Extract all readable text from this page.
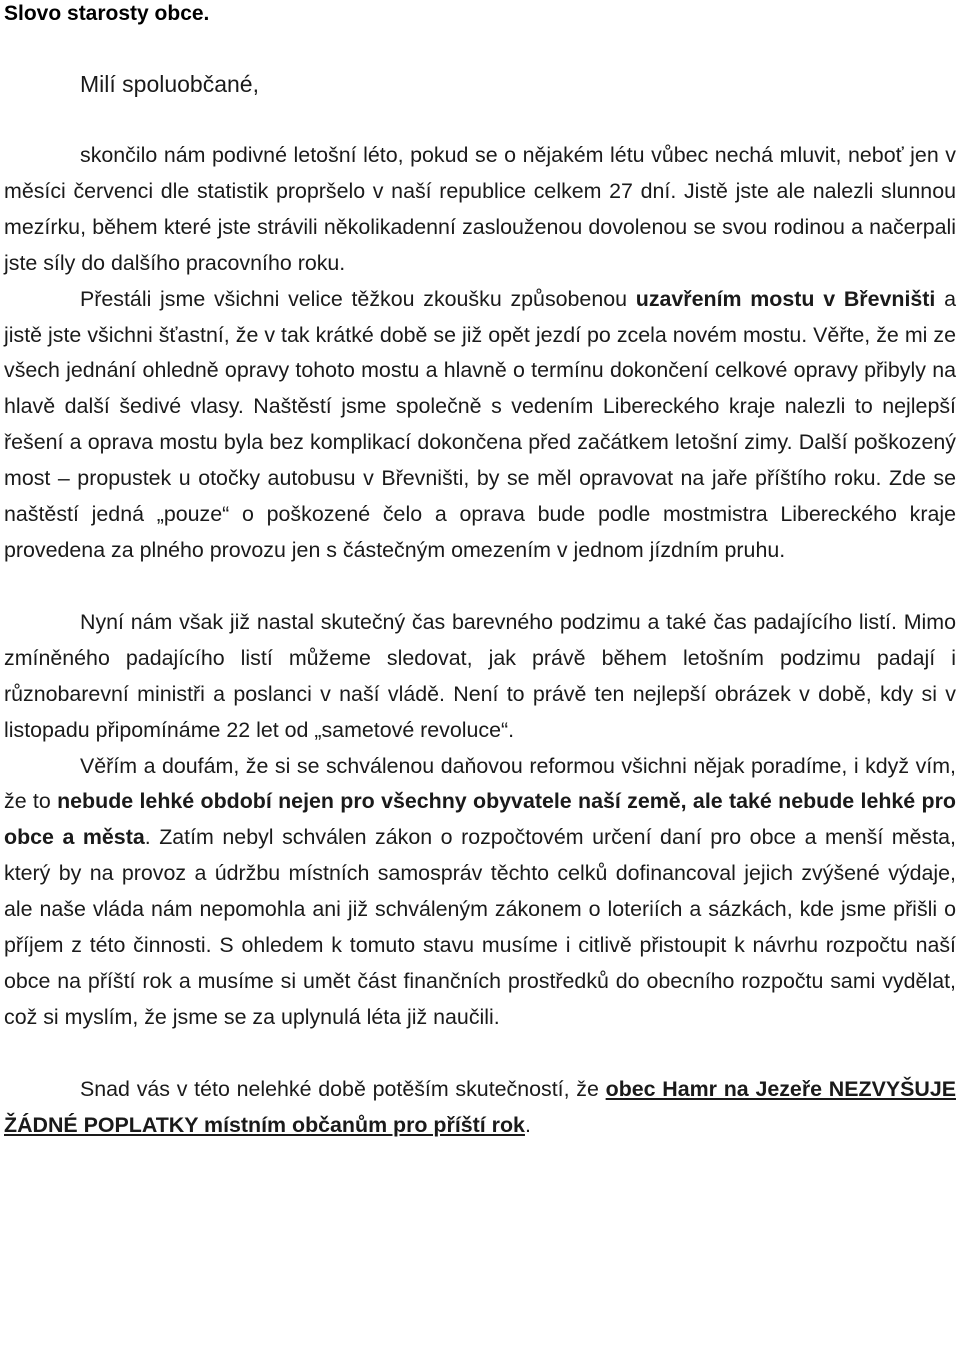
Slovo starosty obce.

Milí spoluobčané,

skončilo nám podivné letošní léto, pokud se o nějakém létu vůbec nechá mluvit, neboť jen v měsíci červenci dle statistik propršelo v naší republice celkem 27 dní. Jistě jste ale nalezli slunnou mezírku, během které jste strávili několikadenní zaslouženou dovolenou se svou rodinou a načerpali jste síly do dalšího pracovního roku.

Přestáli jsme všichni velice těžkou zkoušku způsobenou uzavřením mostu v Břevništi a jistě jste všichni šťastní, že v tak krátké době se již opět jezdí po zcela novém mostu. Věřte, že mi ze všech jednání ohledně opravy tohoto mostu a hlavně o termínu dokončení celkové opravy přibyly na hlavě další šedivé vlasy. Naštěstí jsme společně s vedením Libereckého kraje nalezli to nejlepší řešení a oprava mostu byla bez komplikací dokončena před začátkem letošní zimy. Další poškozený most – propustek u otočky autobusu v Břevništi, by se měl opravovat na jaře příštího roku. Zde se naštěstí jedná „pouze“ o poškozené čelo a oprava bude podle mostmistra Libereckého kraje provedena za plného provozu jen s částečným omezením v jednom jízdním pruhu.

Nyní nám však již nastal skutečný čas barevného podzimu a také čas padajícího listí. Mimo zmíněného padajícího listí můžeme sledovat, jak právě během letošním podzimu padají i různobarevní ministři a poslanci v naší vládě. Není to právě ten nejlepší obrázek v době, kdy si v listopadu připomínáme 22 let od „sametové revoluce“.

Věřím a doufám, že si se schválenou daňovou reformou všichni nějak poradíme, i když vím, že to nebude lehké období nejen pro všechny obyvatele naší země, ale také nebude lehké pro obce a města. Zatím nebyl schválen zákon o rozpočtovém určení daní pro obce a menší města, který by na provoz a údržbu místních samospráv těchto celků dofinancoval jejich zvýšené výdaje, ale naše vláda nám nepomohla ani již schváleným zákonem o loteriích a sázkách, kde jsme přišli o příjem z této činnosti. S ohledem k tomuto stavu musíme i citlivě přistoupit k návrhu rozpočtu naší obce na příští rok a musíme si umět část finančních prostředků do obecního rozpočtu sami vydělat, což si myslím, že jsme se za uplynulá léta již naučili.

Snad vás v této nelehké době potěším skutečností, že obec Hamr na Jezeře NEZVYŠUJE ŽÁDNÉ POPLATKY místním občanům pro příští rok.
